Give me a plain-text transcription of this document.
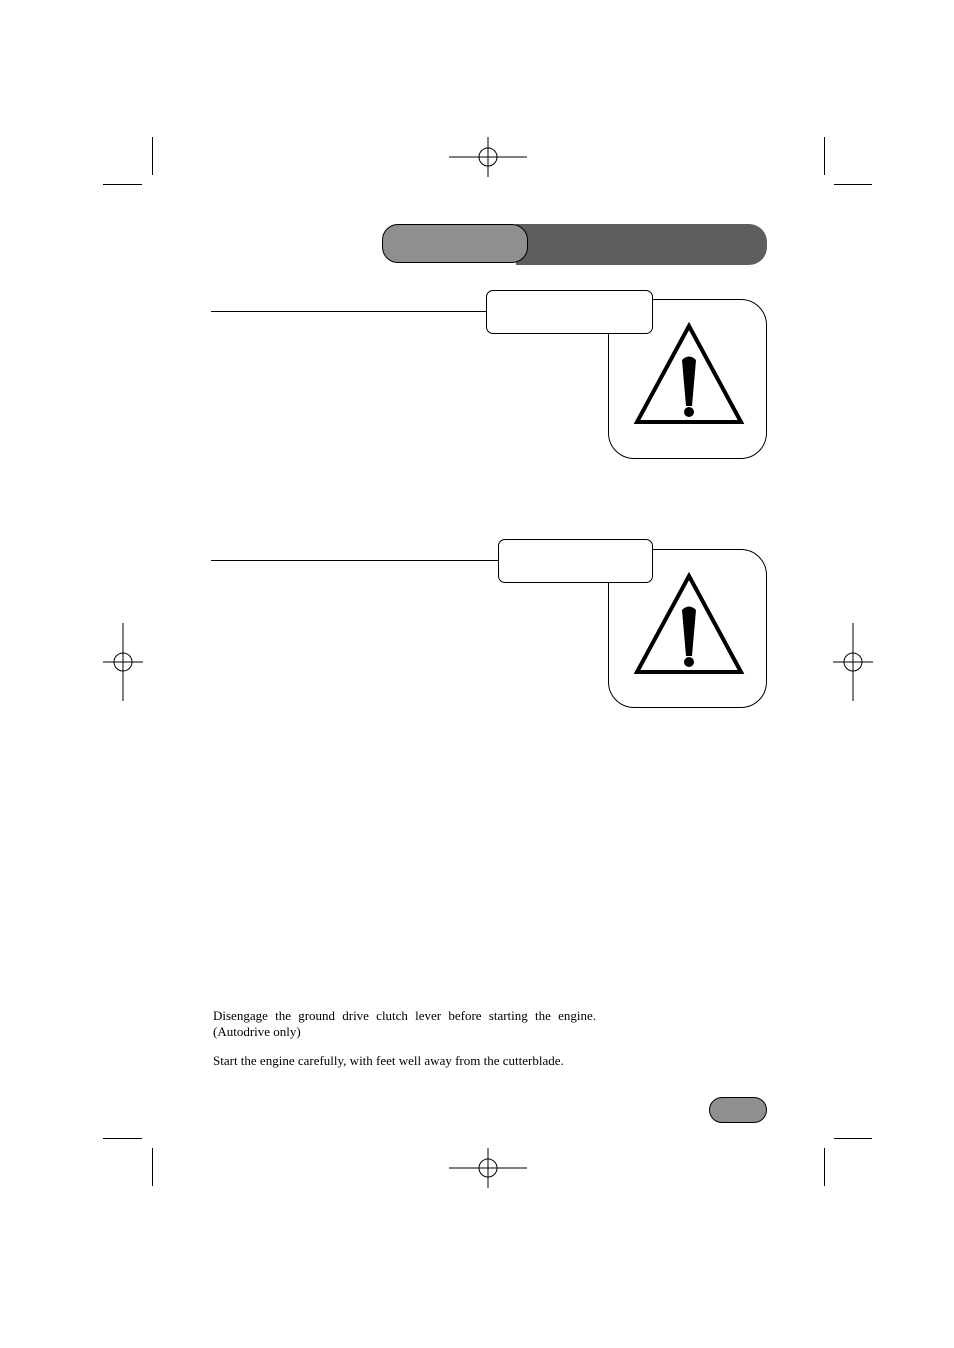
Disengage the ground drive clutch lever before starting the engine.

(Autodrive only)

Start the engine carefully, with feet well away from the cutterblade.
